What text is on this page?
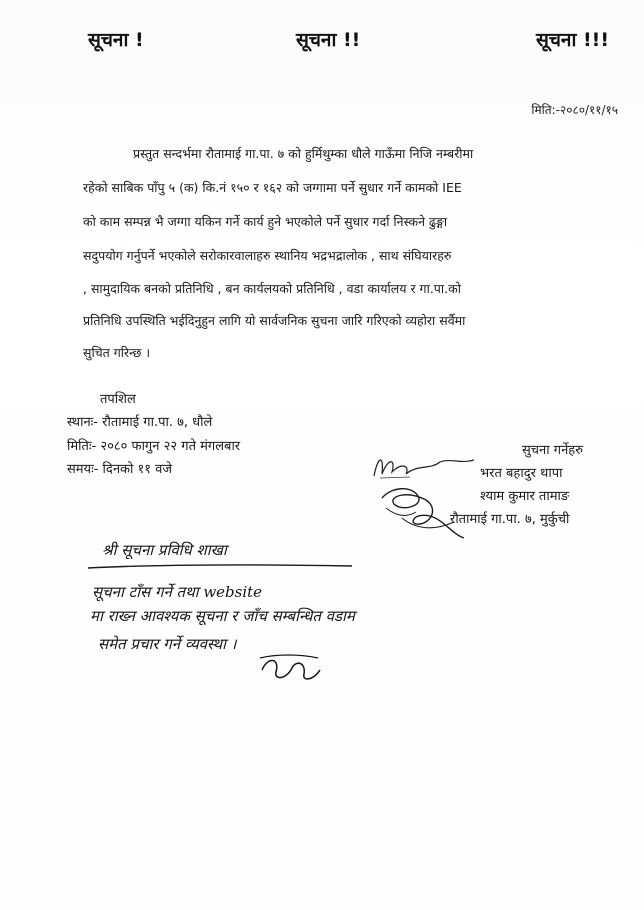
सूचना !	सूचना !!	सूचना !!!
मिति:-२०८०/११/१५
प्रस्तुत सन्दर्भमा रौतामाई गा.पा. ७ को हुर्मिथुम्का धौले गाऊँमा निजि नम्बरीमा
रहेको साबिक पाँपु ५ (क) कि.नं १५० र १६२ को जग्गामा पर्ने सुधार गर्ने कामको IEE
को काम सम्पन्न भै जग्गा यकिन गर्ने कार्य हुने भएकोले पर्ने सुधार गर्दा निस्कने ढुङ्गा
सदुपयोग गर्नुपर्ने भएकोले सरोकारवालाहरु स्थानिय भद्रभद्रालोक , साथ संघियारहरु
, सामुदायिक बनको प्रतिनिधि , बन कार्यलयको प्रतिनिधि , वडा कार्यालय र गा.पा.को
प्रतिनिधि उपस्थिति भईदिनुहुन लागि यो सार्वजनिक सुचना जारि गरिएको व्यहोरा सर्वैमा
सुचित गरिन्छ ।
तपशिल
स्थानः- रौतामाई गा.पा. ७, धौले
मितिः- २०८० फागुन २२ गते मंगलबार
समयः- दिनको ११ वजे
सुचना गर्नेहरु
भरत बहादुर थापा
श्याम कुमार तामाङ
रौतामाई गा.पा. ७, मुर्कुची
श्री सूचना प्रविधि शाखा
सूचना टाँस गर्ने तथा website
मा राख्न आवश्यक सूचना र जाँच सम्बन्धित वडाम
समेत प्रचार गर्ने व्यवस्था ।
